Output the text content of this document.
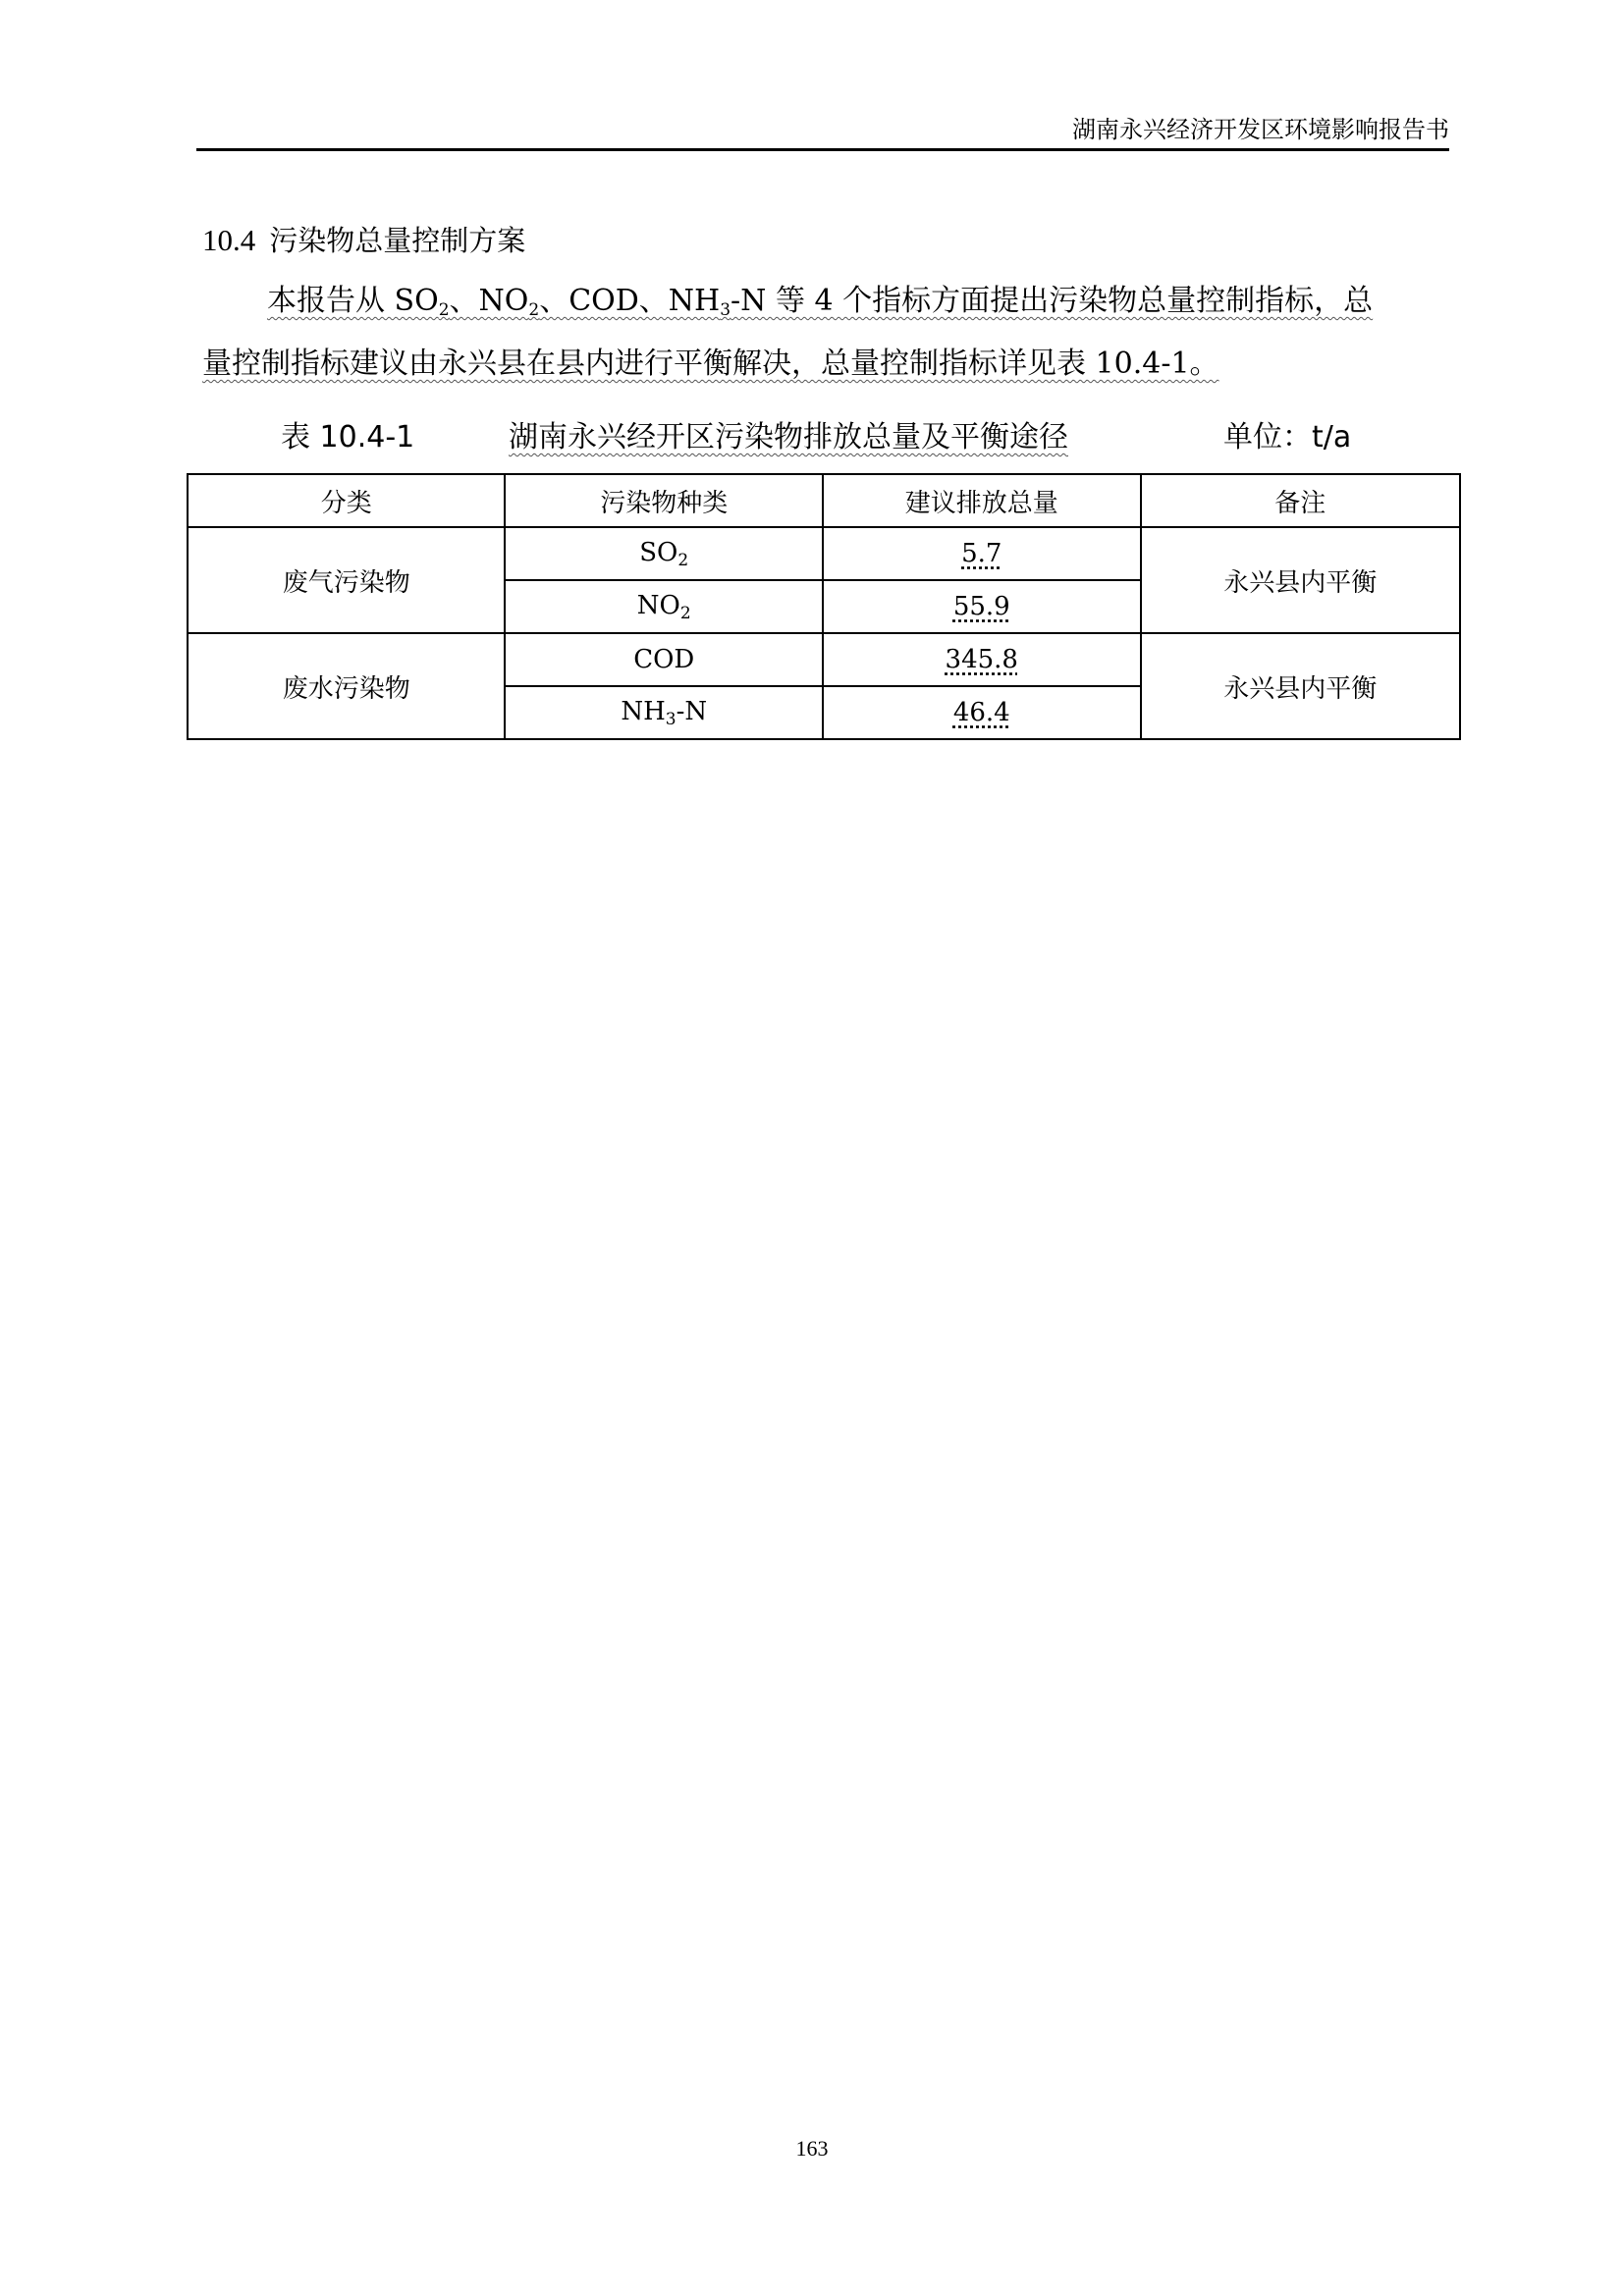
湖南永兴经济开发区环境影响报告书
10.4 污染物总量控制方案
本报告从 $SO_2$、$NO_2$、COD、$NH_3-N$ 等 4 个指标方面提出污染物总量控制指标，总
量控制指标建议由永兴县在县内进行平衡解决，总量控制指标详见表 10.4-1。
表 10.4-1	湖南永兴经开区污染物排放总量及平衡途径	单位：t/a
分类	污染物种类	建议排放总量	备注
废气污染物	$SO_2$	5.7	永兴县内平衡
	$NO_2$	55.9	
废水污染物	COD	345.8	永兴县内平衡
	$NH_3-N$	46.4	
163
